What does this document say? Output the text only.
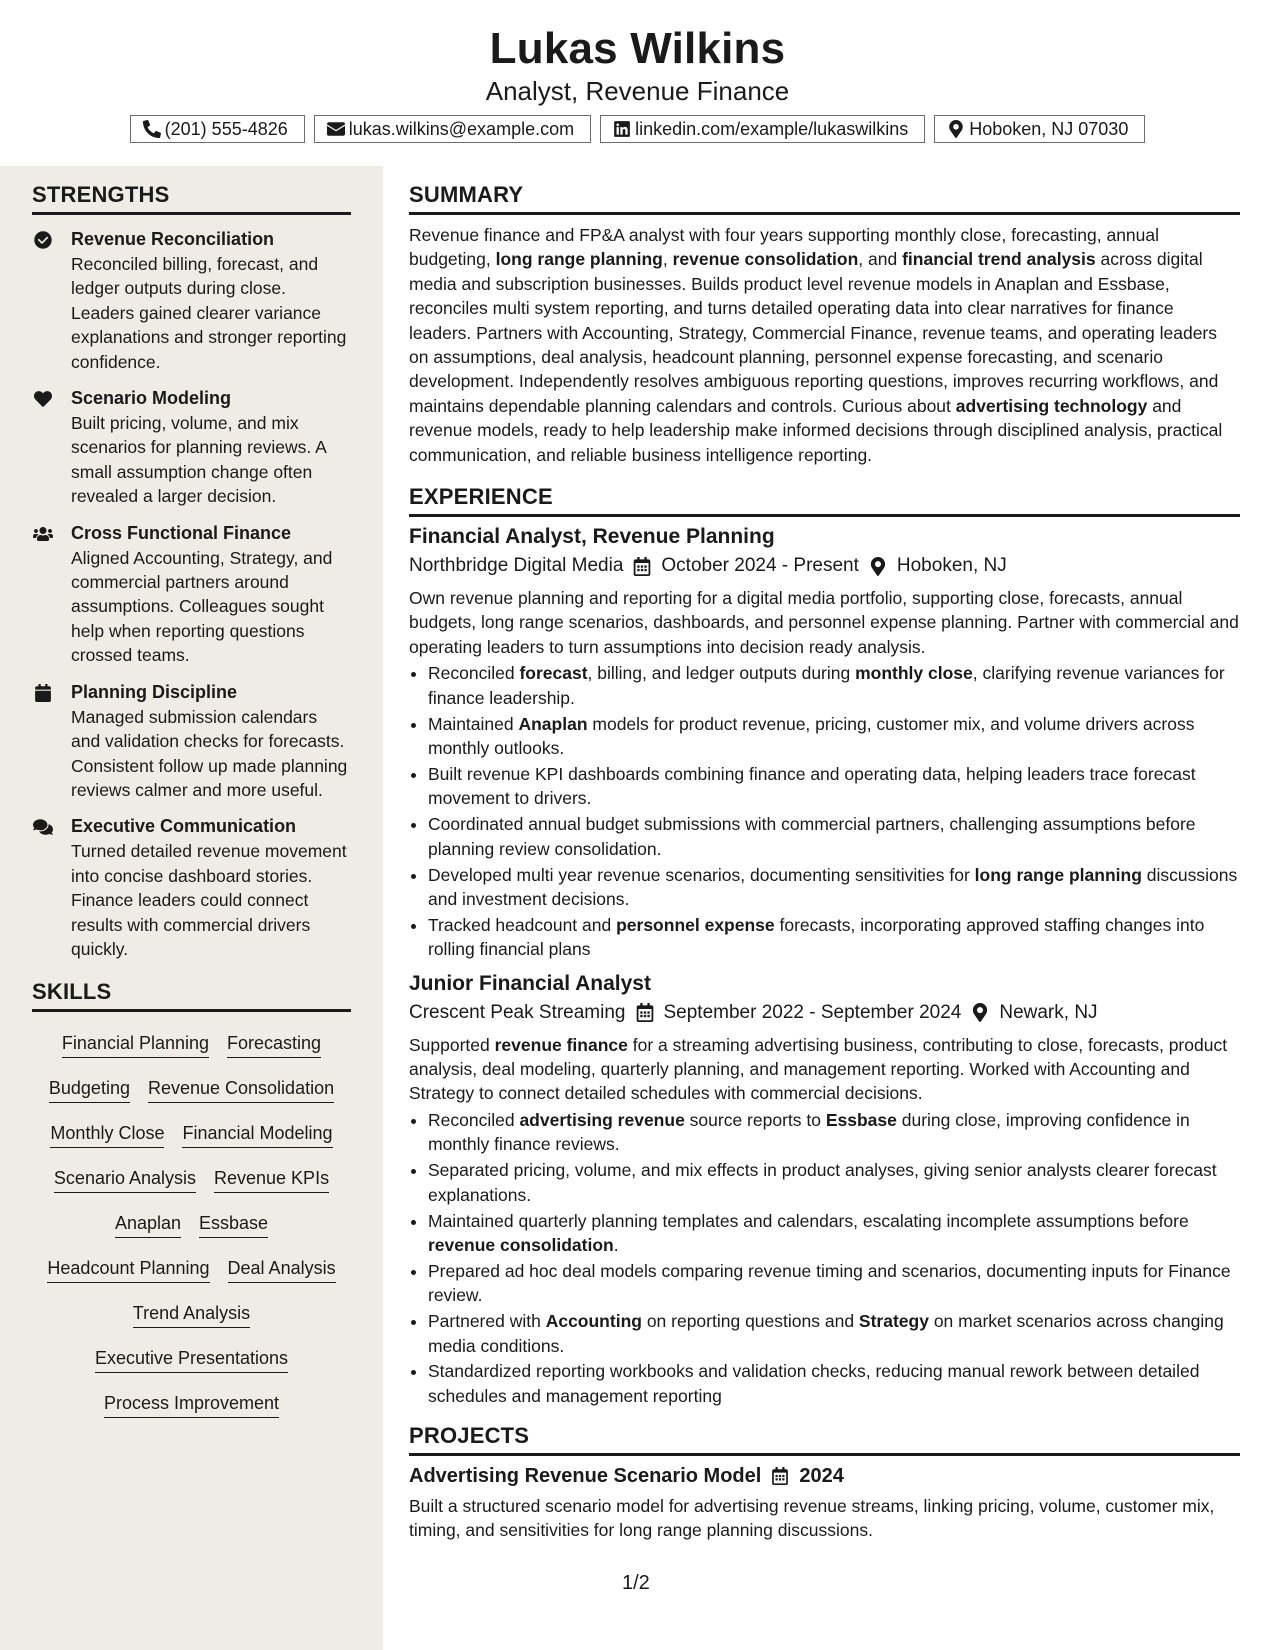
Lukas Wilkins
Analyst, Revenue Finance
(201) 555-4826	lukas.wilkins@example.com	linkedin.com/example/lukaswilkins	Hoboken, NJ 07030
STRENGTHS
Revenue Reconciliation
Reconciled billing, forecast, and ledger outputs during close. Leaders gained clearer variance explanations and stronger reporting confidence.
Scenario Modeling
Built pricing, volume, and mix scenarios for planning reviews. A small assumption change often revealed a larger decision.
Cross Functional Finance
Aligned Accounting, Strategy, and commercial partners around assumptions. Colleagues sought help when reporting questions crossed teams.
Planning Discipline
Managed submission calendars and validation checks for forecasts. Consistent follow up made planning reviews calmer and more useful.
Executive Communication
Turned detailed revenue movement into concise dashboard stories. Finance leaders could connect results with commercial drivers quickly.
SKILLS
Financial Planning Forecasting
Budgeting Revenue Consolidation
Monthly Close Financial Modeling
Scenario Analysis Revenue KPIs
Anaplan Essbase
Headcount Planning Deal Analysis
Trend Analysis
Executive Presentations
Process Improvement
SUMMARY
Revenue finance and FP&A analyst with four years supporting monthly close, forecasting, annual budgeting, long range planning, revenue consolidation, and financial trend analysis across digital media and subscription businesses. Builds product level revenue models in Anaplan and Essbase, reconciles multi system reporting, and turns detailed operating data into clear narratives for finance leaders. Partners with Accounting, Strategy, Commercial Finance, revenue teams, and operating leaders on assumptions, deal analysis, headcount planning, personnel expense forecasting, and scenario development. Independently resolves ambiguous reporting questions, improves recurring workflows, and maintains dependable planning calendars and controls. Curious about advertising technology and revenue models, ready to help leadership make informed decisions through disciplined analysis, practical communication, and reliable business intelligence reporting.
EXPERIENCE
Financial Analyst, Revenue Planning
Northbridge Digital Media October 2024 - Present Hoboken, NJ
Own revenue planning and reporting for a digital media portfolio, supporting close, forecasts, annual budgets, long range scenarios, dashboards, and personnel expense planning. Partner with commercial and operating leaders to turn assumptions into decision ready analysis.
• Reconciled forecast, billing, and ledger outputs during monthly close, clarifying revenue variances for finance leadership.
• Maintained Anaplan models for product revenue, pricing, customer mix, and volume drivers across monthly outlooks.
• Built revenue KPI dashboards combining finance and operating data, helping leaders trace forecast movement to drivers.
• Coordinated annual budget submissions with commercial partners, challenging assumptions before planning review consolidation.
• Developed multi year revenue scenarios, documenting sensitivities for long range planning discussions and investment decisions.
• Tracked headcount and personnel expense forecasts, incorporating approved staffing changes into rolling financial plans
Junior Financial Analyst
Crescent Peak Streaming September 2022 - September 2024 Newark, NJ
Supported revenue finance for a streaming advertising business, contributing to close, forecasts, product analysis, deal modeling, quarterly planning, and management reporting. Worked with Accounting and Strategy to connect detailed schedules with commercial decisions.
• Reconciled advertising revenue source reports to Essbase during close, improving confidence in monthly finance reviews.
• Separated pricing, volume, and mix effects in product analyses, giving senior analysts clearer forecast explanations.
• Maintained quarterly planning templates and calendars, escalating incomplete assumptions before revenue consolidation.
• Prepared ad hoc deal models comparing revenue timing and scenarios, documenting inputs for Finance review.
• Partnered with Accounting on reporting questions and Strategy on market scenarios across changing media conditions.
• Standardized reporting workbooks and validation checks, reducing manual rework between detailed schedules and management reporting
PROJECTS
Advertising Revenue Scenario Model 2024
Built a structured scenario model for advertising revenue streams, linking pricing, volume, customer mix, timing, and sensitivities for long range planning discussions.
1/2
